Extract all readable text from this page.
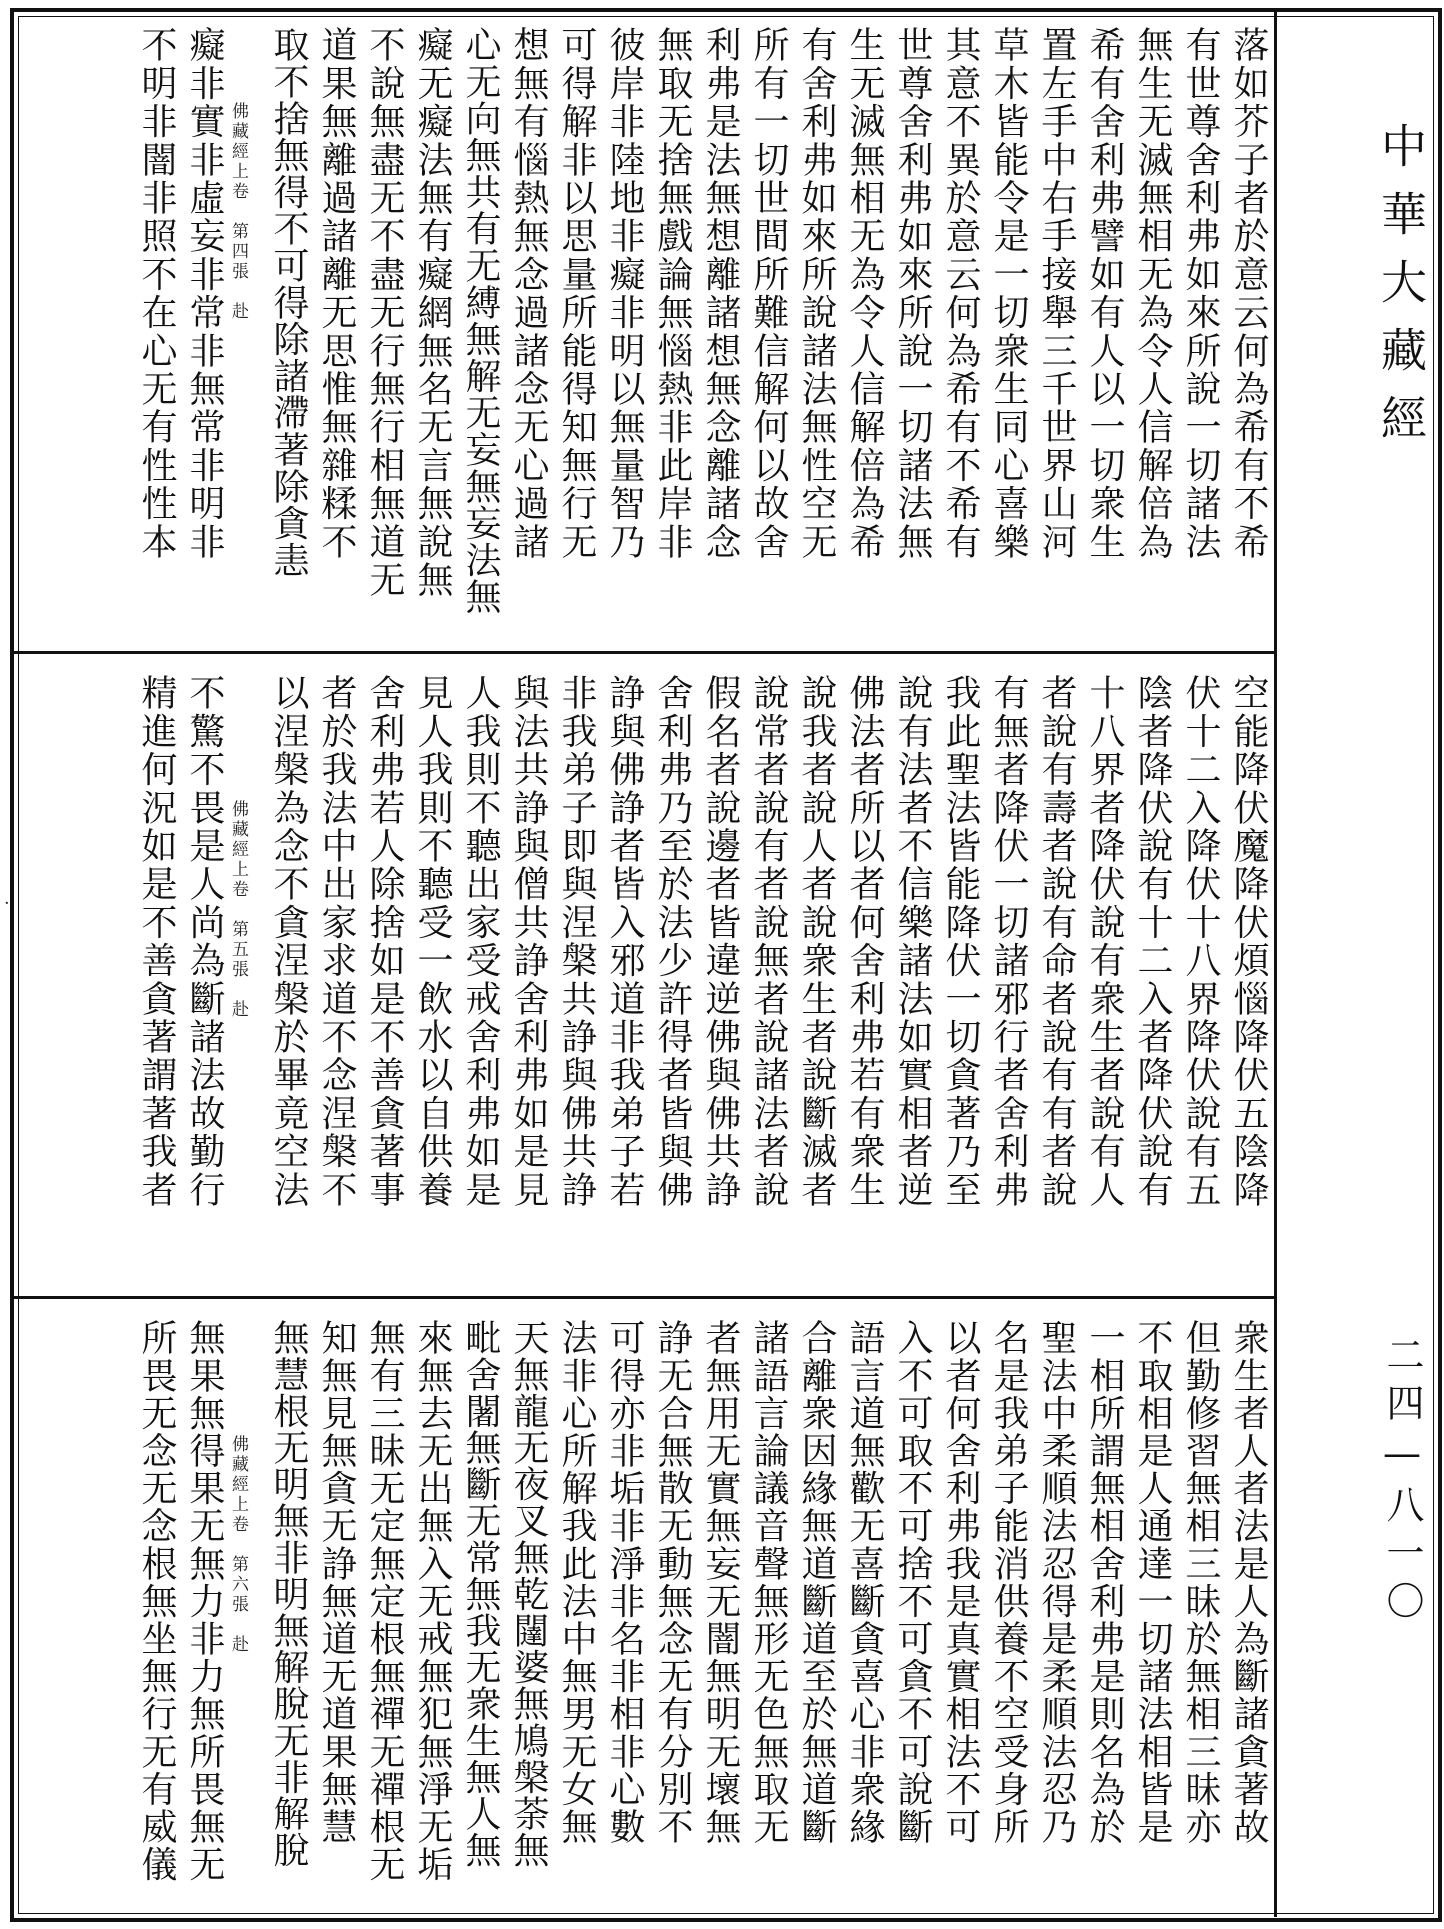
落如芥子者於意云何為希有不希
有世尊舍利弗如來所說一切諸法
無生无滅無相无為令人信解倍為
希有舍利弗譬如有人以一切衆生
置左手中右手接舉三千世界山河
草木皆能令是一切衆生同心喜樂
其意不異於意云何為希有不希有
世尊舍利弗如來所說一切諸法無
生无滅無相无為令人信解倍為希
有舍利弗如來所說諸法無性空无
所有一切世間所難信解何以故舍
利弗是法無想離諸想無念離諸念
無取无捨無戲論無惱熱非此岸非
彼岸非陸地非癡非明以無量智乃
可得解非以思量所能得知無行无
想無有惱熱無念過諸念无心過諸
心无向無共有无縛無解无妄無妄法無
癡无癡法無有癡網無名无言無說無
不說無盡无不盡无行無行相無道无
道果無離過諸離无思惟無雜糅不
取不捨無得不可得除諸滯著除貪恚
癡非實非虛妄非常非無常非明非
不明非闇非照不在心无有性性本	佛藏經上卷　第四張　赴
空能降伏魔降伏煩惱降伏五陰降
伏十二入降伏十八界降伏說有五
陰者降伏說有十二入者降伏說有
十八界者降伏說有衆生者說有人
者說有壽者說有命者說有有者說
有無者降伏一切諸邪行者舍利弗
我此聖法皆能降伏一切貪著乃至
說有法者不信樂諸法如實相者逆
佛法者所以者何舍利弗若有衆生
說我者說人者說衆生者說斷滅者
說常者說有者說無者說諸法者說
假名者說邊者皆違逆佛與佛共諍
舍利弗乃至於法少許得者皆與佛
諍與佛諍者皆入邪道非我弟子若
非我弟子即與涅槃共諍與佛共諍
與法共諍與僧共諍舍利弗如是見
人我則不聽出家受戒舍利弗如是
見人我則不聽受一飲水以自供養
舍利弗若人除捨如是不善貪著事
者於我法中出家求道不念涅槃不
以涅槃為念不貪涅槃於畢竟空法
不驚不畏是人尚為斷諸法故勤行
精進何況如是不善貪著謂著我者	佛藏經上卷　第五張　赴
衆生者人者法是人為斷諸貪著故
但勤修習無相三昧於無相三昧亦
不取相是人通達一切諸法相皆是
一相所謂無相舍利弗是則名為於
聖法中柔順法忍得是柔順法忍乃
名是我弟子能消供養不空受身所
以者何舍利弗我是真實相法不可
入不可取不可捨不可貪不可說斷
語言道無歡无喜斷貪喜心非衆緣
合離衆因緣無道斷道至於無道斷
諸語言論議音聲無形无色無取无
者無用无實無妄无闇無明无壞無
諍无合無散无動無念无有分別不
可得亦非垢非淨非名非相非心數
法非心所解我此法中無男无女無
天無龍无夜叉無乾闥婆無鳩槃荼無
毗舍闍無斷无常無我无衆生無人無
來無去无出無入无戒無犯無淨无垢
無有三昧无定無定根無禪无禪根无
知無見無貪无諍無道无道果無慧
無慧根无明無非明無解脫无非解脫
無果無得果无無力非力無所畏無无
所畏无念无念根無坐無行无有威儀	佛藏經上卷　第六張　赴
·
中華大藏經
二四—八一〇
